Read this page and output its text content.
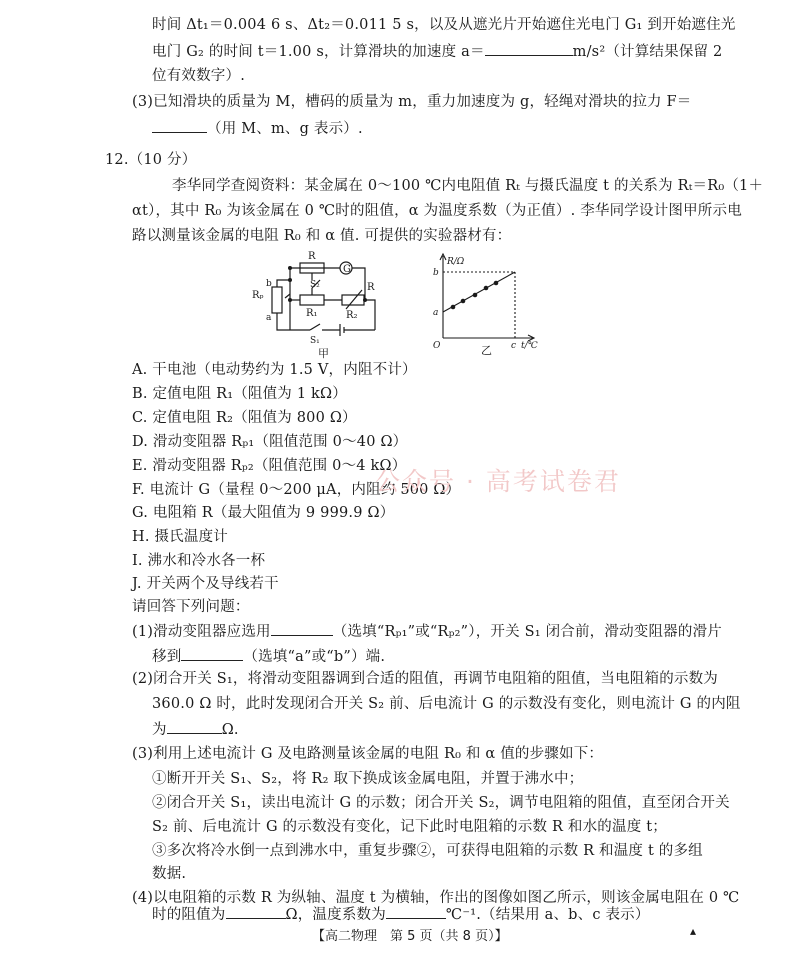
时间 Δt₁＝0.004 6 s、Δt₂＝0.011 5 s，以及从遮光片开始遮住光电门 G₁ 到开始遮住光
电门 G₂ 的时间 t＝1.00 s，计算滑块的加速度 a＝	m/s²（计算结果保留 2
位有效数字）.
(3)已知滑块的质量为 M，槽码的质量为 m，重力加速度为 g，轻绳对滑块的拉力 F＝
（用 M、m、g 表示）.
12.（10 分）
李华同学查阅资料：某金属在 0～100 ℃内电阻值 Rₜ 与摄氏温度 t 的关系为 Rₜ＝R₀（1＋
αt），其中 R₀ 为该金属在 0 ℃时的阻值，α 为温度系数（为正值）. 李华同学设计图甲所示电
路以测量该金属的电阻 R₀ 和 α 值. 可提供的实验器材有：
G
R
S₂
R₁
R
R₂
Rₚ
b
a
S₁
甲
R/Ω
b
a
O	c t/℃
乙
A. 干电池（电动势约为 1.5 V，内阻不计）
B. 定值电阻 R₁（阻值为 1 kΩ）
C. 定值电阻 R₂（阻值为 800 Ω）
D. 滑动变阻器 Rₚ₁（阻值范围 0～40 Ω）
E. 滑动变阻器 Rₚ₂（阻值范围 0～4 kΩ）
F. 电流计 G（量程 0～200 μA，内阻约 500 Ω）
G. 电阻箱 R（最大阻值为 9 999.9 Ω）
H. 摄氏温度计
I. 沸水和冷水各一杯
J. 开关两个及导线若干
公众号 · 高考试卷君
请回答下列问题：
(1)滑动变阻器应选用	（选填“Rₚ₁”或“Rₚ₂”），开关 S₁ 闭合前，滑动变阻器的滑片
移到	（选填“a”或“b”）端.
(2)闭合开关 S₁，将滑动变阻器调到合适的阻值，再调节电阻箱的阻值，当电阻箱的示数为
360.0 Ω 时，此时发现闭合开关 S₂ 前、后电流计 G 的示数没有变化，则电流计 G 的内阻
为	Ω.
(3)利用上述电流计 G 及电路测量该金属的电阻 R₀ 和 α 值的步骤如下：
①断开开关 S₁、S₂，将 R₂ 取下换成该金属电阻，并置于沸水中；
②闭合开关 S₁，读出电流计 G 的示数；闭合开关 S₂，调节电阻箱的阻值，直至闭合开关
S₂ 前、后电流计 G 的示数没有变化，记下此时电阻箱的示数 R 和水的温度 t；
③多次将冷水倒一点到沸水中，重复步骤②，可获得电阻箱的示数 R 和温度 t 的多组
数据.
(4)以电阻箱的示数 R 为纵轴、温度 t 为横轴，作出的图像如图乙所示，则该金属电阻在 0 ℃
【高二物理　第 5 页（共 8 页）】	▴
时的阻值为	Ω，温度系数为	℃⁻¹.（结果用 a、b、c 表示）
